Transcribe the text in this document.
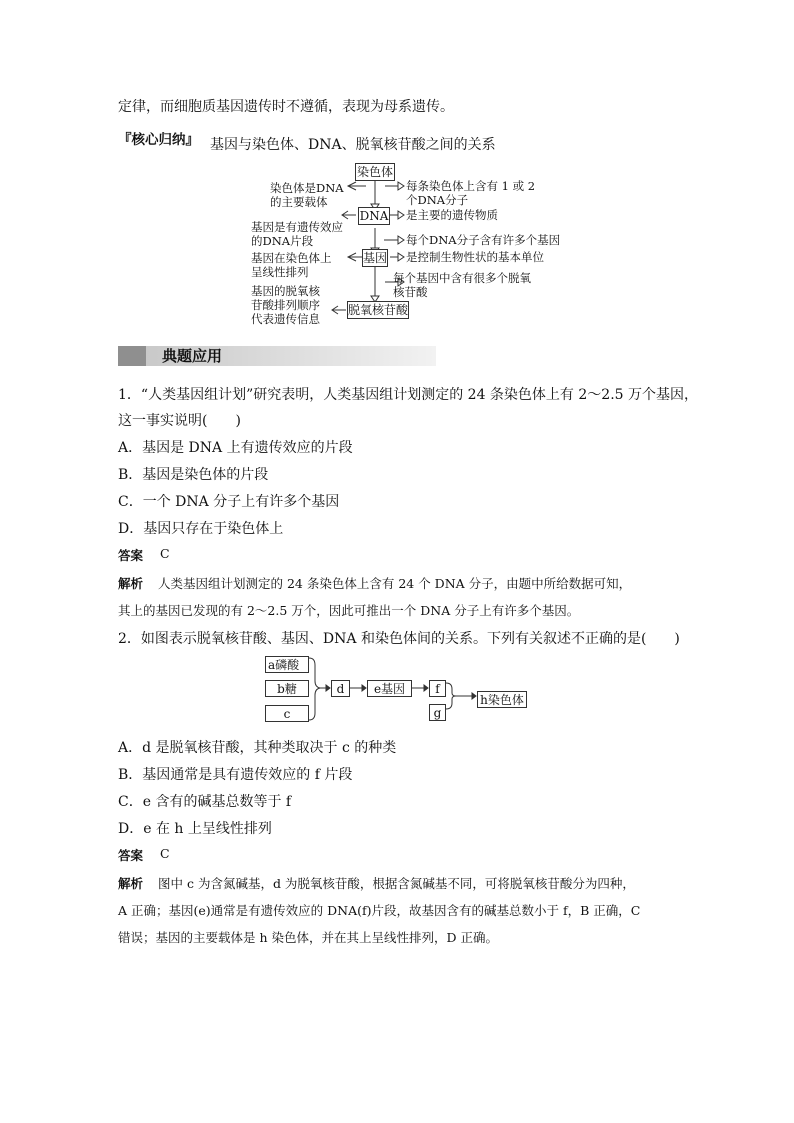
定律，而细胞质基因遗传时不遵循，表现为母系遗传。
『核心归纳』 基因与染色体、DNA、脱氧核苷酸之间的关系
染色体
DNA
基因
脱氧核苷酸
染色体是DNA
的主要载体
基因是有遗传效应
的DNA片段
基因在染色体上
呈线性排列
基因的脱氧核
苷酸排列顺序
代表遗传信息
每条染色体上含有 1 或 2
个DNA分子
是主要的遗传物质
每个DNA分子含有许多个基因
是控制生物性状的基本单位
每个基因中含有很多个脱氧
核苷酸
典题应用
1．“人类基因组计划”研究表明，人类基因组计划测定的 24 条染色体上有 2～2.5 万个基因，
这一事实说明(　　)
A．基因是 DNA 上有遗传效应的片段
B．基因是染色体的片段
C．一个 DNA 分子上有许多个基因
D．基因只存在于染色体上
答案 C
解析 人类基因组计划测定的 24 条染色体上含有 24 个 DNA 分子，由题中所给数据可知，
其上的基因已发现的有 2～2.5 万个，因此可推出一个 DNA 分子上有许多个基因。
2．如图表示脱氧核苷酸、基因、DNA 和染色体间的关系。下列有关叙述不正确的是(　　)
a磷酸
b糖
c
d	e基因	f
g
h染色体
A．d 是脱氧核苷酸，其种类取决于 c 的种类
B．基因通常是具有遗传效应的 f 片段
C．e 含有的碱基总数等于 f
D．e 在 h 上呈线性排列
答案 C
解析 图中 c 为含氮碱基，d 为脱氧核苷酸，根据含氮碱基不同，可将脱氧核苷酸分为四种，
A 正确；基因(e)通常是有遗传效应的 DNA(f)片段，故基因含有的碱基总数小于 f，B 正确，C
错误；基因的主要载体是 h 染色体，并在其上呈线性排列，D 正确。
